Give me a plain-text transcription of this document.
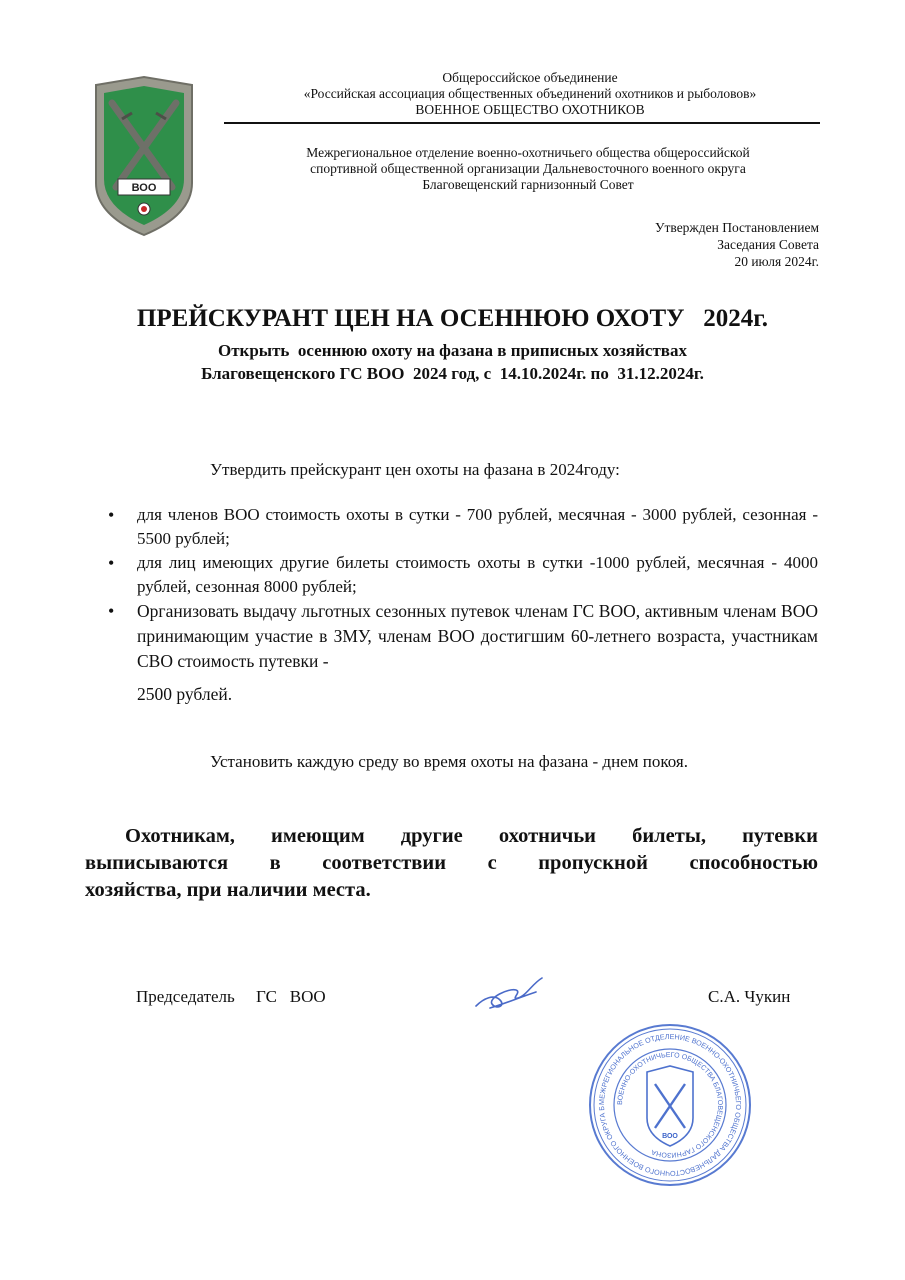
ВОО
Общероссийское объединение
«Российская ассоциация общественных объединений охотников и рыболовов»
ВОЕННОЕ ОБЩЕСТВО ОХОТНИКОВ
Межрегиональное отделение военно-охотничьего общества общероссийской
спортивной общественной организации Дальневосточного военного округа
Благовещенский гарнизонный Совет
Утвержден Постановлением
Заседания Совета
20 июля 2024г.
ПРЕЙСКУРАНТ ЦЕН НА ОСЕННЮЮ ОХОТУ   2024г.
Открыть  осеннюю охоту на фазана в приписных хозяйствах
Благовещенского ГС ВОО  2024 год, с  14.10.2024г. по  31.12.2024г.
Утвердить прейскурант цен охоты на фазана в 2024году:
• для членов ВОО стоимость охоты в сутки - 700 рублей, месячная - 3000 рублей, сезонная - 5500 рублей;
• для лиц имеющих другие билеты стоимость охоты в сутки -1000 рублей, месячная - 4000 рублей, сезонная 8000 рублей;
• Организовать выдачу льготных сезонных путевок членам ГС ВОО, активным членам ВОО принимающим участие в ЗМУ, членам ВОО достигшим 60-летнего возраста, участникам СВО стоимость путевки -
2500 рублей.
Установить каждую среду во время охоты на фазана - днем покоя.
Охотникам, имеющим другие охотничьи билеты, путевки
выписываются в соответствии с пропускной способностью
хозяйства, при наличии места.
Председатель     ГС   ВОО	С.А. Чукин
МЕЖРЕГИОНАЛЬНОЕ ОТДЕЛЕНИЕ ВОЕННО-ОХОТНИЧЬЕГО ОБЩЕСТВА ДАЛЬНЕВОСТОЧНОГО ВОЕННОГО ОКРУГА Б
ВОЕННО-ОХОТНИЧЬЕГО ОБЩЕСТВА БЛАГОВЕЩЕНСКОГО ГАРНИЗОНА
ВОО
